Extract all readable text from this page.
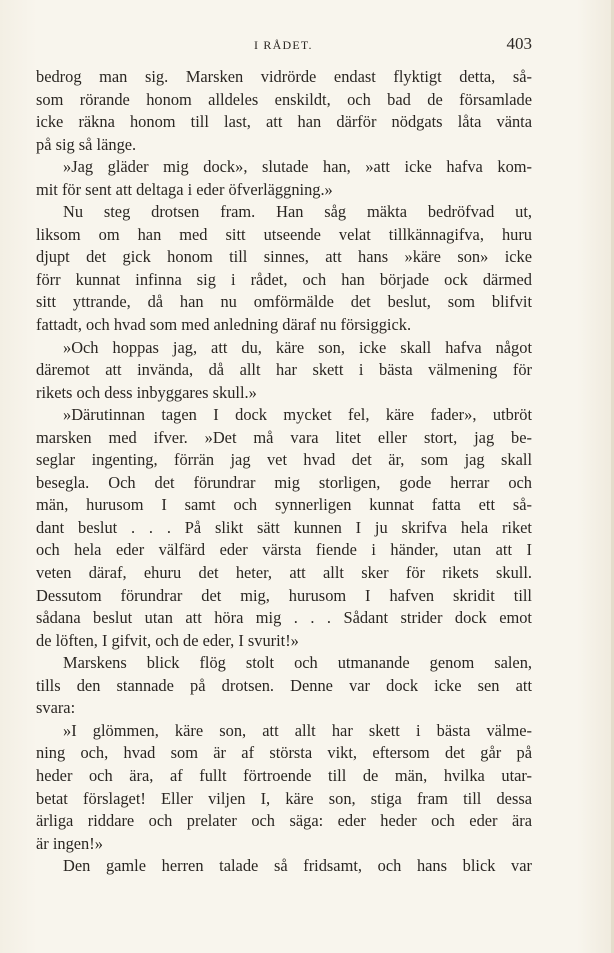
I RÅDET.	403
bedrog man sig. Marsken vidrörde endast flyktigt detta, så-
som rörande honom alldeles enskildt, och bad de församlade
icke räkna honom till last, att han därför nödgats låta vänta
på sig så länge.
»Jag gläder mig dock», slutade han, »att icke hafva kom-
mit för sent att deltaga i eder öfverläggning.»
Nu steg drotsen fram. Han såg mäkta bedröfvad ut,
liksom om han med sitt utseende velat tillkännagifva, huru
djupt det gick honom till sinnes, att hans »käre son» icke
förr kunnat infinna sig i rådet, och han började ock därmed
sitt yttrande, då han nu omförmälde det beslut, som blifvit
fattadt, och hvad som med anledning däraf nu försiggick.
»Och hoppas jag, att du, käre son, icke skall hafva något
däremot att invända, då allt har skett i bästa välmening för
rikets och dess inbyggares skull.»
»Därutinnan tagen I dock mycket fel, käre fader», utbröt
marsken med ifver. »Det må vara litet eller stort, jag be-
seglar ingenting, förrän jag vet hvad det är, som jag skall
besegla. Och det förundrar mig storligen, gode herrar och
män, hurusom I samt och synnerligen kunnat fatta ett så-
dant beslut . . . På slikt sätt kunnen I ju skrifva hela riket
och hela eder välfärd eder värsta fiende i händer, utan att I
veten däraf, ehuru det heter, att allt sker för rikets skull.
Dessutom förundrar det mig, hurusom I hafven skridit till
sådana beslut utan att höra mig . . . Sådant strider dock emot
de löften, I gifvit, och de eder, I svurit!»
Marskens blick flög stolt och utmanande genom salen,
tills den stannade på drotsen. Denne var dock icke sen att
svara:
»I glömmen, käre son, att allt har skett i bästa välme-
ning och, hvad som är af största vikt, eftersom det går på
heder och ära, af fullt förtroende till de män, hvilka utar-
betat förslaget! Eller viljen I, käre son, stiga fram till dessa
ärliga riddare och prelater och säga: eder heder och eder ära
är ingen!»
Den gamle herren talade så fridsamt, och hans blick var
